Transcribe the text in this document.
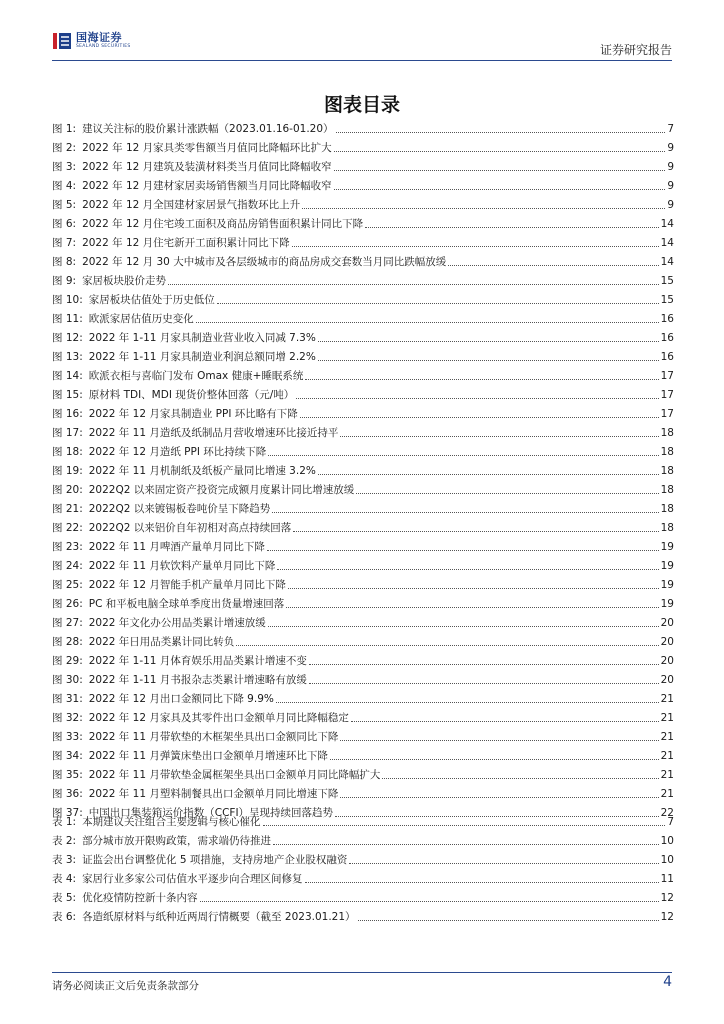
国海证券
SEALAND SECURITIES	证券研究报告
图表目录
图 1: 建议关注标的股价累计涨跌幅（2023.01.16-01.20）	7
图 2: 2022 年 12 月家具类零售额当月值同比降幅环比扩大	9
图 3: 2022 年 12 月建筑及装潢材料类当月值同比降幅收窄	9
图 4: 2022 年 12 月建材家居卖场销售额当月同比降幅收窄	9
图 5: 2022 年 12 月全国建材家居景气指数环比上升	9
图 6: 2022 年 12 月住宅竣工面积及商品房销售面积累计同比下降	14
图 7: 2022 年 12 月住宅新开工面积累计同比下降	14
图 8: 2022 年 12 月 30 大中城市及各层级城市的商品房成交套数当月同比跌幅放缓	14
图 9: 家居板块股价走势	15
图 10: 家居板块估值处于历史低位	15
图 11: 欧派家居估值历史变化	16
图 12: 2022 年 1-11 月家具制造业营业收入同减 7.3%	16
图 13: 2022 年 1-11 月家具制造业利润总额同增 2.2%	16
图 14: 欧派衣柜与喜临门发布 Omax 健康+睡眠系统	17
图 15: 原材料 TDI、MDI 现货价整体回落（元/吨）	17
图 16: 2022 年 12 月家具制造业 PPI 环比略有下降	17
图 17: 2022 年 11 月造纸及纸制品月营收增速环比接近持平	18
图 18: 2022 年 12 月造纸 PPI 环比持续下降	18
图 19: 2022 年 11 月机制纸及纸板产量同比增速 3.2%	18
图 20: 2022Q2 以来固定资产投资完成额月度累计同比增速放缓	18
图 21: 2022Q2 以来镀锡板卷吨价呈下降趋势	18
图 22: 2022Q2 以来铝价自年初相对高点持续回落	18
图 23: 2022 年 11 月啤酒产量单月同比下降	19
图 24: 2022 年 11 月软饮料产量单月同比下降	19
图 25: 2022 年 12 月智能手机产量单月同比下降	19
图 26: PC 和平板电脑全球单季度出货量增速回落	19
图 27: 2022 年文化办公用品类累计增速放缓	20
图 28: 2022 年日用品类累计同比转负	20
图 29: 2022 年 1-11 月体育娱乐用品类累计增速不变	20
图 30: 2022 年 1-11 月书报杂志类累计增速略有放缓	20
图 31: 2022 年 12 月出口金额同比下降 9.9%	21
图 32: 2022 年 12 月家具及其零件出口金额单月同比降幅稳定	21
图 33: 2022 年 11 月带软垫的木框架坐具出口金额同比下降	21
图 34: 2022 年 11 月弹簧床垫出口金额单月增速环比下降	21
图 35: 2022 年 11 月带软垫金属框架坐具出口金额单月同比降幅扩大	21
图 36: 2022 年 11 月塑料制餐具出口金额单月同比增速下降	21
图 37: 中国出口集装箱运价指数（CCFI）呈现持续回落趋势	22
表 1: 本期建议关注组合主要逻辑与核心催化	7
表 2: 部分城市放开限购政策，需求端仍待推进	10
表 3: 证监会出台调整优化 5 项措施，支持房地产企业股权融资	10
表 4: 家居行业多家公司估值水平逐步向合理区间修复	11
表 5: 优化疫情防控新十条内容	12
表 6: 各造纸原材料与纸种近两周行情概要（截至 2023.01.21）	12
请务必阅读正文后免责条款部分	4
